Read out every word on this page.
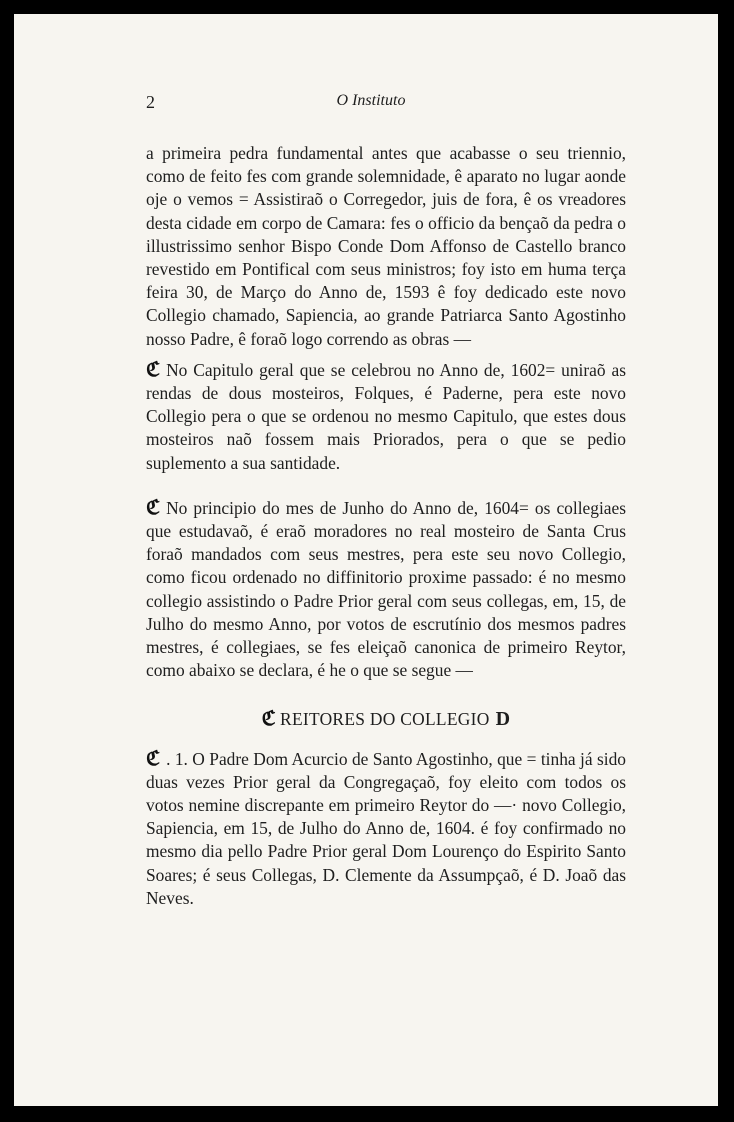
2	O Instituto

a primeira pedra fundamental antes que acabasse o seu triennio, como de feito fes com grande solemnidade, ê aparato no lugar aonde oje o vemos = Assistiraõ o Corregedor, juis de fora, ê os vreadores desta cidade em corpo de Camara: fes o officio da bençaõ da pedra o illustrissimo senhor Bispo Conde Dom Affonso de Castello branco revestido em Pontifical com seus ministros; foy isto em huma terça feira 30, de Março do Anno de, 1593 ê foy dedicado este novo Collegio chamado, Sapiencia, ao grande Patriarca Santo Agostinho nosso Padre, ê foraõ logo correndo as obras —

ℭ No Capitulo geral que se celebrou no Anno de, 1602= uniraõ as rendas de dous mosteiros, Folques, é Paderne, pera este novo Collegio pera o que se ordenou no mesmo Capitulo, que estes dous mosteiros naõ fossem mais Priorados, pera o que se pedio suplemento a sua santidade.

ℭ No principio do mes de Junho do Anno de, 1604= os collegiaes que estudavaõ, é eraõ moradores no real mosteiro de Santa Crus foraõ mandados com seus mestres, pera este seu novo Collegio, como ficou ordenado no diffinitorio proxime passado: é no mesmo collegio assistindo o Padre Prior geral com seus collegas, em, 15, de Julho do mesmo Anno, por votos de escrutínio dos mesmos padres mestres, é collegiaes, se fes eleiçaõ canonica de primeiro Reytor, como abaixo se declara, é he o que se segue —

ℭ REITORES DO COLLEGIO D

ℭ . 1. O Padre Dom Acurcio de Santo Agostinho, que = tinha já sido duas vezes Prior geral da Congregaçaõ, foy eleito com todos os votos nemine discrepante em primeiro Reytor do —· novo Collegio, Sapiencia, em 15, de Julho do Anno de, 1604. é foy confirmado no mesmo dia pello Padre Prior geral Dom Lourenço do Espirito Santo Soares; é seus Collegas, D. Clemente da Assumpçaõ, é D. Joaõ das Neves.
